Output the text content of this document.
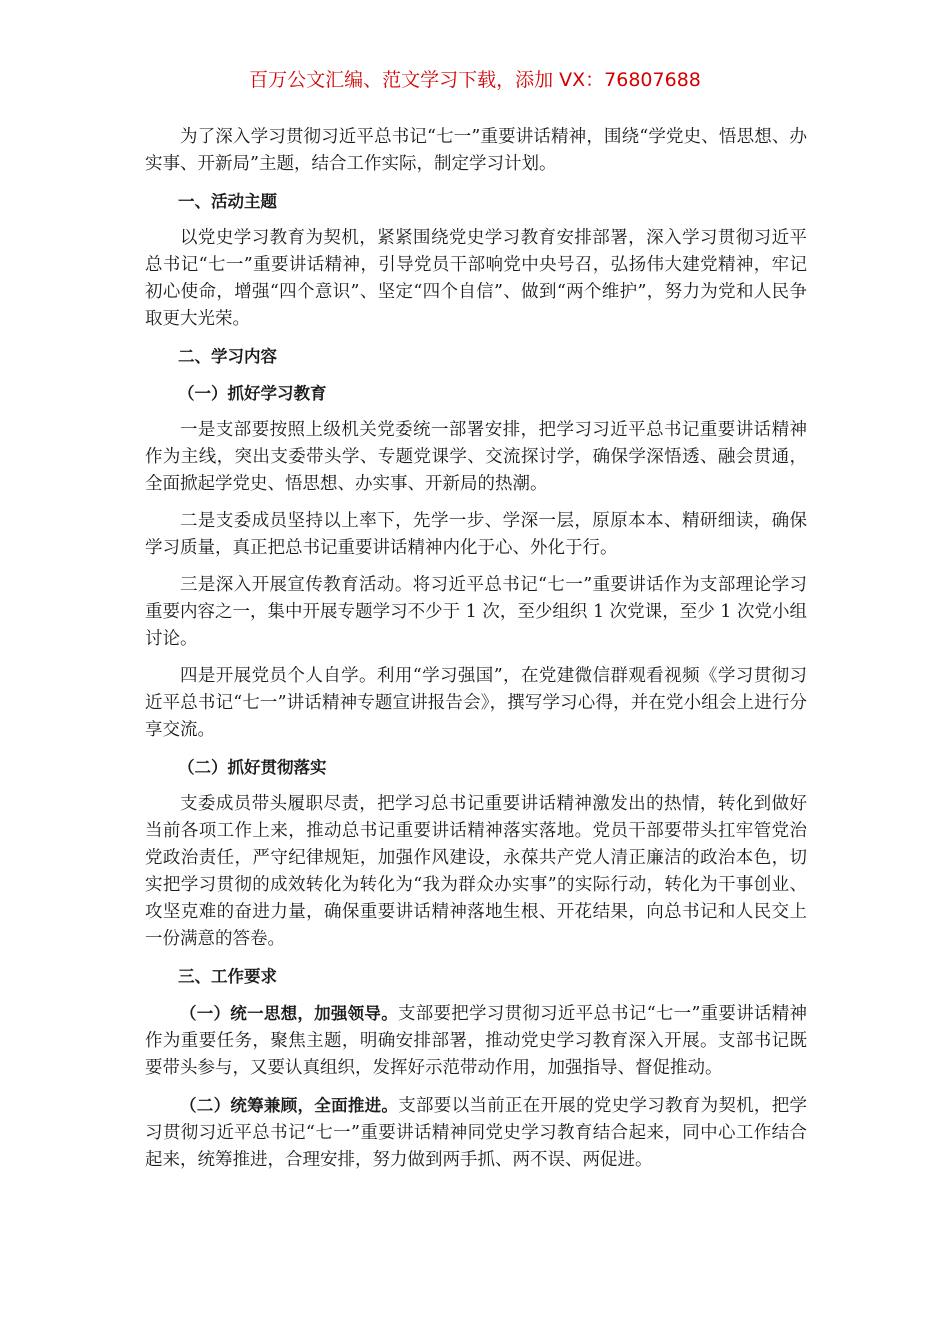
百万公文汇编、范文学习下载，添加 VX：76807688

为了深入学习贯彻习近平总书记“七一”重要讲话精神，围绕“学党史、悟思想、办实事、开新局”主题，结合工作实际，制定学习计划。

一、活动主题

以党史学习教育为契机，紧紧围绕党史学习教育安排部署，深入学习贯彻习近平总书记“七一”重要讲话精神，引导党员干部响党中央号召，弘扬伟大建党精神，牢记初心使命，增强“四个意识”、坚定“四个自信”、做到“两个维护”，努力为党和人民争取更大光荣。

二、学习内容

（一）抓好学习教育

一是支部要按照上级机关党委统一部署安排，把学习习近平总书记重要讲话精神作为主线，突出支委带头学、专题党课学、交流探讨学，确保学深悟透、融会贯通，全面掀起学党史、悟思想、办实事、开新局的热潮。

二是支委成员坚持以上率下，先学一步、学深一层，原原本本、精研细读，确保学习质量，真正把总书记重要讲话精神内化于心、外化于行。

三是深入开展宣传教育活动。将习近平总书记“七一”重要讲话作为支部理论学习重要内容之一，集中开展专题学习不少于 1 次，至少组织 1 次党课，至少 1 次党小组讨论。

四是开展党员个人自学。利用“学习强国”，在党建微信群观看视频《学习贯彻习近平总书记“七一”讲话精神专题宣讲报告会》，撰写学习心得，并在党小组会上进行分享交流。

（二）抓好贯彻落实

支委成员带头履职尽责，把学习总书记重要讲话精神激发出的热情，转化到做好当前各项工作上来，推动总书记重要讲话精神落实落地。党员干部要带头扛牢管党治党政治责任，严守纪律规矩，加强作风建设，永葆共产党人清正廉洁的政治本色，切实把学习贯彻的成效转化为转化为“我为群众办实事”的实际行动，转化为干事创业、攻坚克难的奋进力量，确保重要讲话精神落地生根、开花结果，向总书记和人民交上一份满意的答卷。

三、工作要求

（一）统一思想，加强领导。支部要把学习贯彻习近平总书记“七一”重要讲话精神作为重要任务，聚焦主题，明确安排部署，推动党史学习教育深入开展。支部书记既要带头参与，又要认真组织，发挥好示范带动作用，加强指导、督促推动。

（二）统筹兼顾，全面推进。支部要以当前正在开展的党史学习教育为契机，把学习贯彻习近平总书记“七一”重要讲话精神同党史学习教育结合起来，同中心工作结合起来，统筹推进，合理安排，努力做到两手抓、两不误、两促进。
